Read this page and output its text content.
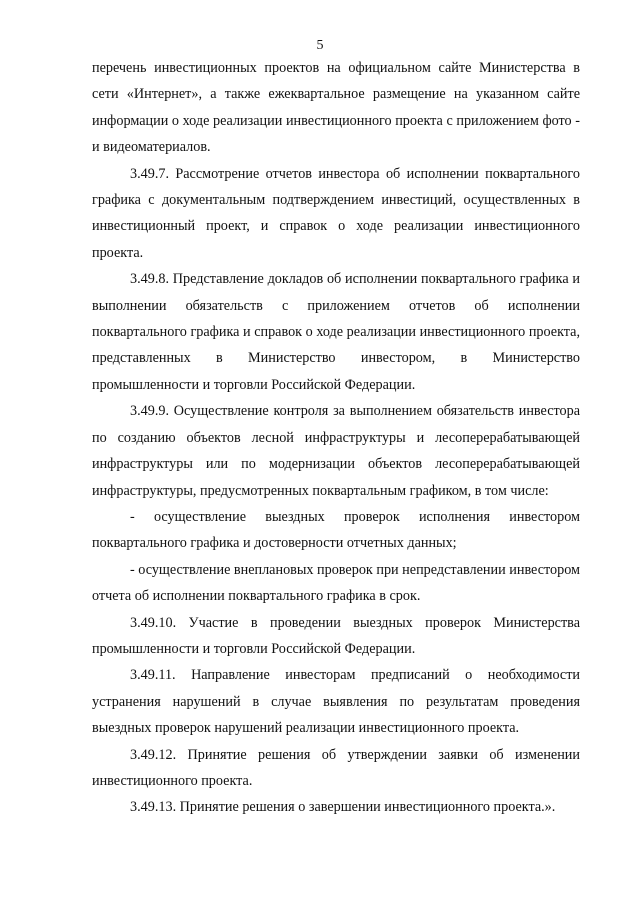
5

перечень инвестиционных проектов на официальном сайте Министерства в сети «Интернет», а также ежеквартальное размещение на указанном сайте информации о ходе реализации инвестиционного проекта с приложением фото - и видеоматериалов.

3.49.7. Рассмотрение отчетов инвестора об исполнении поквартального графика с документальным подтверждением инвестиций, осуществленных в инвестиционный проект, и справок о ходе реализации инвестиционного проекта.

3.49.8. Представление докладов об исполнении поквартального графика и выполнении обязательств с приложением отчетов об исполнении поквартального графика и справок о ходе реализации инвестиционного проекта, представленных в Министерство инвестором, в Министерство промышленности и торговли Российской Федерации.

3.49.9. Осуществление контроля за выполнением обязательств инвестора по созданию объектов лесной инфраструктуры и лесоперерабатывающей инфраструктуры или по модернизации объектов лесоперерабатывающей инфраструктуры, предусмотренных поквартальным графиком, в том числе:

- осуществление выездных проверок исполнения инвестором поквартального графика и достоверности отчетных данных;

- осуществление внеплановых проверок при непредставлении инвестором отчета об исполнении поквартального графика в срок.

3.49.10. Участие в проведении выездных проверок Министерства промышленности и торговли Российской Федерации.

3.49.11. Направление инвесторам предписаний о необходимости устранения нарушений в случае выявления по результатам проведения выездных проверок нарушений реализации инвестиционного проекта.

3.49.12. Принятие решения об утверждении заявки об изменении инвестиционного проекта.

3.49.13. Принятие решения о завершении инвестиционного проекта.».
